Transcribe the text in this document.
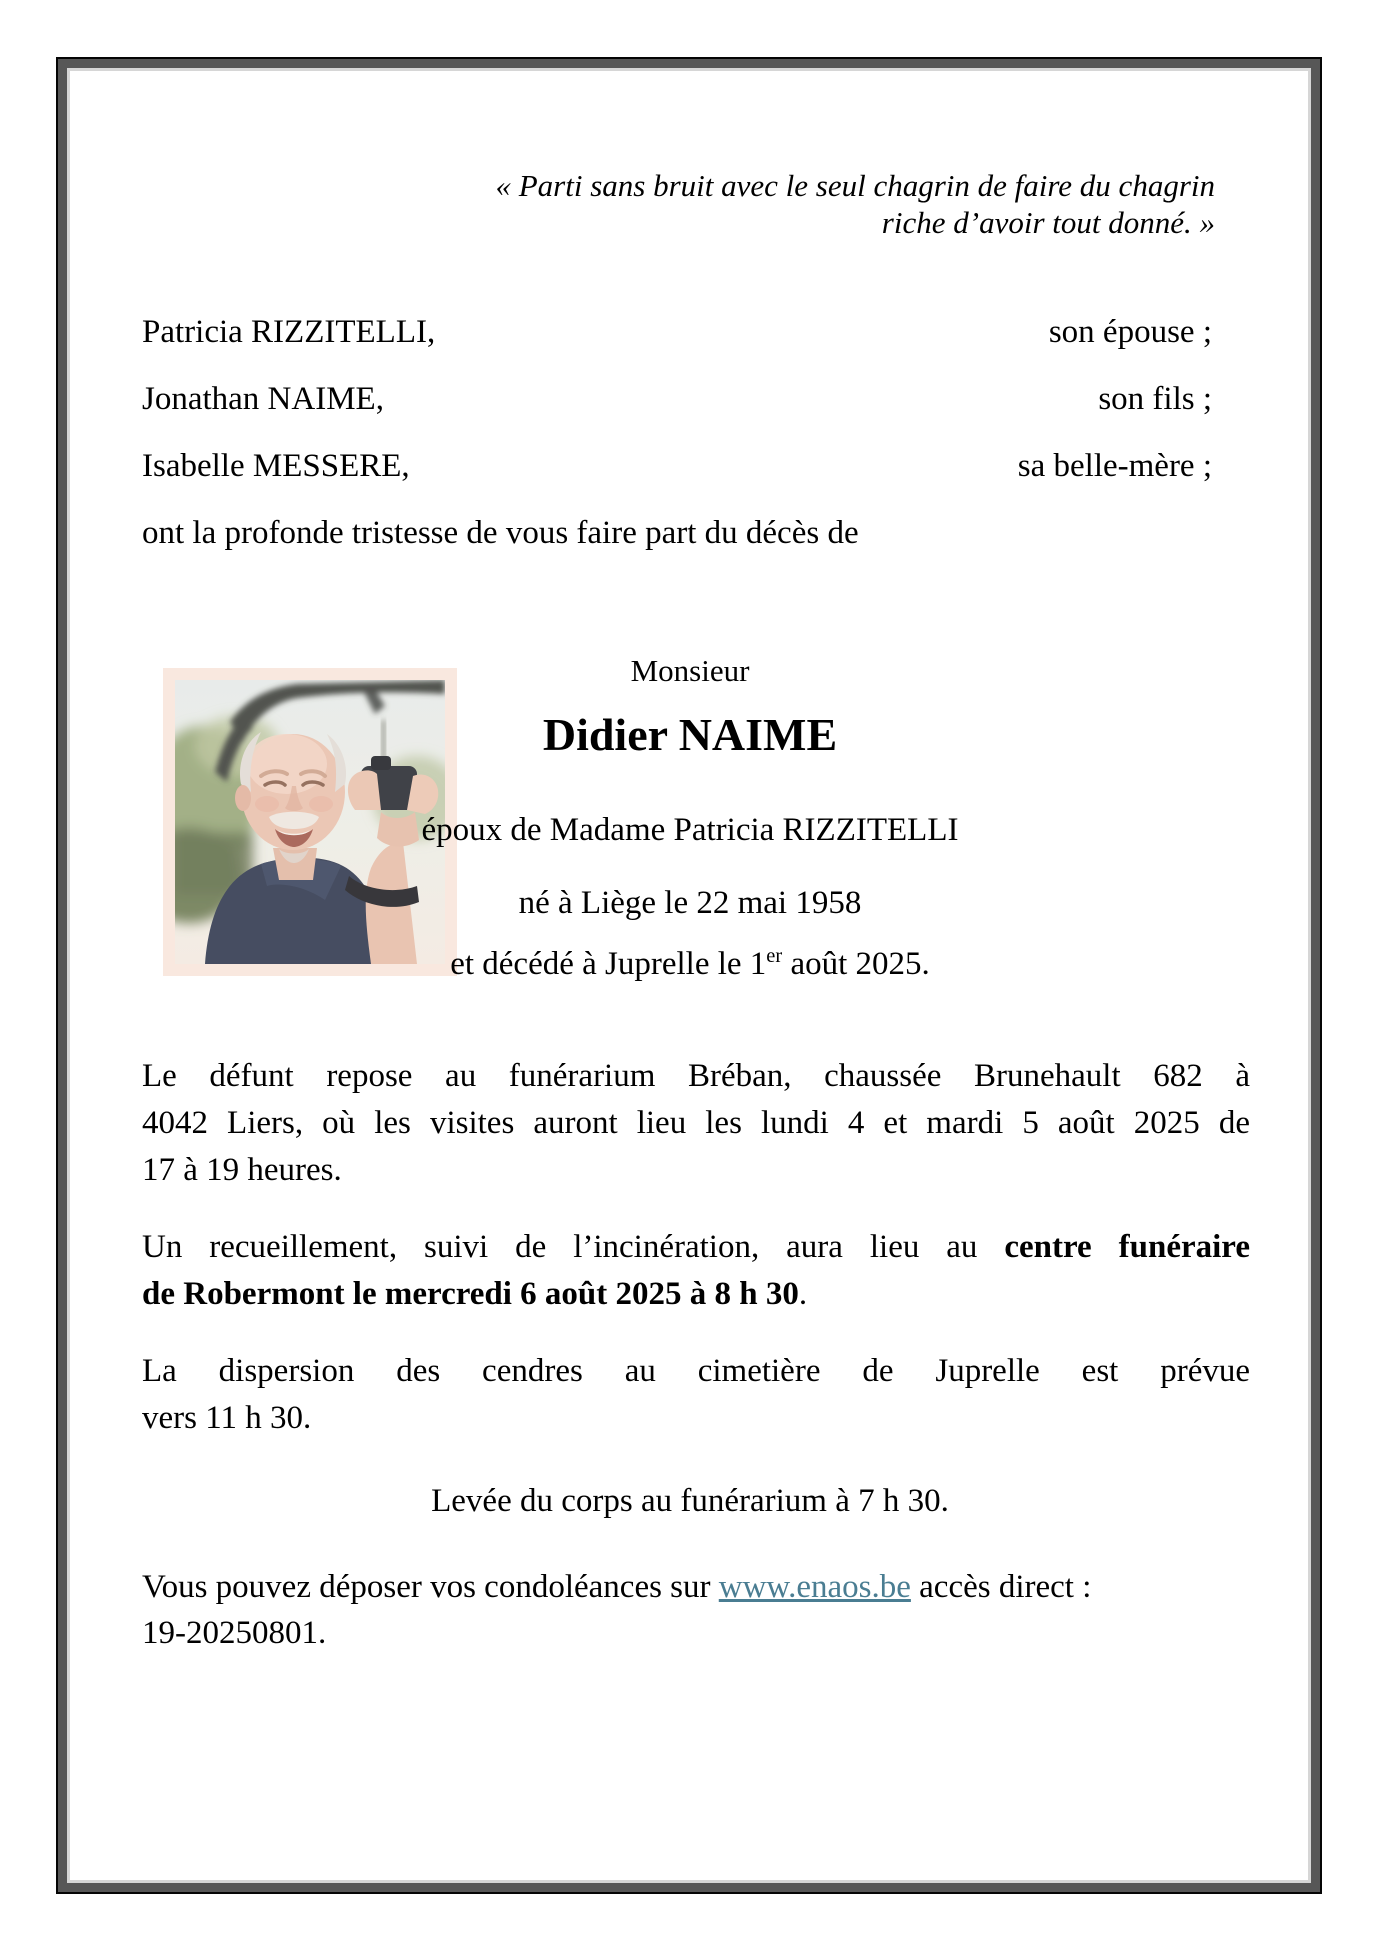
« Parti sans bruit avec le seul chagrin de faire du chagrin
riche d’avoir tout donné. »
Patricia RIZZITELLI,	son épouse ;
Jonathan NAIME,	son fils ;
Isabelle MESSERE,	sa belle-mère ;
ont la profonde tristesse de vous faire part du décès de
Monsieur
Didier NAIME
époux de Madame Patricia RIZZITELLI
né à Liège le 22 mai 1958
et décédé à Juprelle le 1er août 2025.
Le défunt repose au funérarium Bréban, chaussée Brunehault 682 à
4042 Liers, où les visites auront lieu les lundi 4 et mardi 5 août 2025 de
17 à 19 heures.
Un recueillement, suivi de l’incinération, aura lieu au centre funéraire
de Robermont le mercredi 6 août 2025 à 8 h 30.
La dispersion des cendres au cimetière de Juprelle est prévue
vers 11 h 30.
Levée du corps au funérarium à 7 h 30.
Vous pouvez déposer vos condoléances sur www.enaos.be accès direct :
19-20250801.
